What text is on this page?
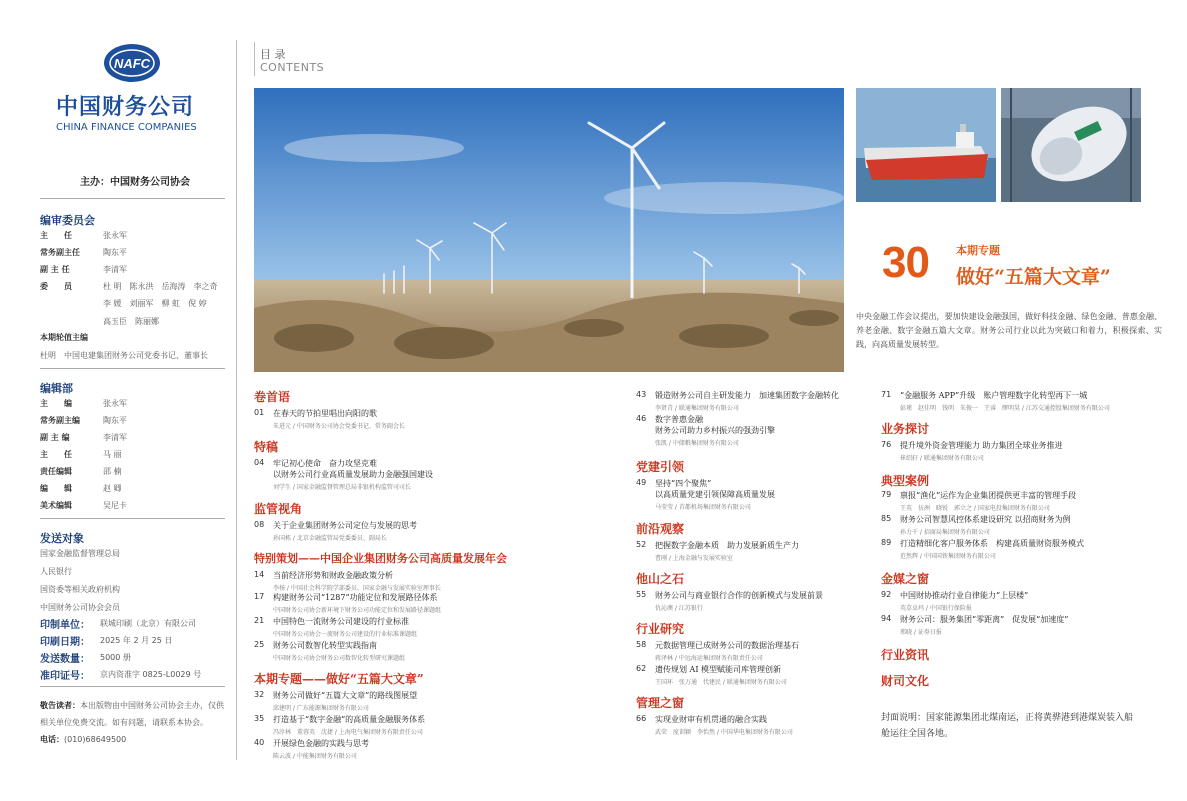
NAFC
中国财务公司
CHINA FINANCE COMPANIES
主办：中国财务公司协会
编审委员会
主　　任	张永军
常务副主任	陶东平
副 主 任	李清军
委　　员	杜 明　陈永洪　岳海涛　李之奇
李 媛　刘丽军　柳 虹　倪 婷
高玉臣　陈丽娜
本期轮值主编
杜明　中国电建集团财务公司党委书记、董事长
编辑部
主　　编	张永军
常务副主编	陶东平
副 主 编	李清军
主　　任	马 丽
责任编辑	邵 楠
编　　辑	赵 卿
美术编辑	吴尼卡
发送对象
国家金融监督管理总局
人民银行
国资委等相关政府机构
中国财务公司协会会员
印制单位： 联城印刷（北京）有限公司
印刷日期： 2025 年 2 月 25 日
发送数量： 5000 册
准印证号： 京内资准字 0825-L0029 号
敬告读者：本出版物由中国财务公司协会主办，仅供
相关单位免费交流。如有问题，请联系本协会。
电话：(010)68649500
目 录
CONTENTS
30 本期专题
做好“五篇大文章”
中央金融工作会议提出，要加快建设金融强国，做好科技金融、绿色金融、普惠金融、养老金融、数字金融五篇大文章。财务公司行业以此为突破口和着力，积极探索、实践，向高质量发展转型。
卷首语
01 在春天的节拍里唱出向阳的歌
朱进元 / 中国财务公司协会党委书记、常务副会长
特稿
04 牢记初心使命　奋力攻坚克难
以财务公司行业高质量发展助力金融强国建设
刘学生 / 国家金融监督管理总局非银机构监管司司长
监管视角
08 关于企业集团财务公司定位与发展的思考
孙国栋 / 北京金融监管局党委委员、副局长
特别策划——中国企业集团财务公司高质量发展年会
14 当前经济形势和财政金融政策分析
李扬 / 中国社会科学院学部委员、国家金融与发展实验室理事长
17 构建财务公司“1287”功能定位和发展路径体系
中国财务公司协会新环境下财务公司功能定位和发展路径课题组
21 中国特色一流财务公司建设的行业标准
中国财务公司协会一流财务公司建设的行业标准课题组
25 财务公司数智化转型实践指南
中国财务公司协会财务公司数智化转型研究课题组
本期专题——做好“五篇大文章”
32 财务公司做好“五篇大文章”的路线图展望
邱建明 / 广东能源集团财务有限公司
35 打造基于“数字金融”的高质量金融服务体系
冯淳林　董蓉英　沈捷 / 上海电气集团财务有限责任公司
40 开展绿色金融的实践与思考
陈云波 / 中能集团财务有限公司
43 锻造财务公司自主研发能力　加速集团数字金融转化
李贤青 / 联通集团财务有限公司
46 数字普惠金融
财务公司助力乡村振兴的强劲引擎
张凯 / 中储粮集团财务有限公司
党建引领
49 坚持“四个聚焦”
以高质量党建引领保障高质量发展
马莹莹 / 首都机场集团财务有限公司
前沿观察
52 把握数字金融本质　助力发展新质生产力
曹刚 / 上海金融与发展实验室
他山之石
55 财务公司与商业银行合作的创新模式与发展前景
仇沁澳 / 江苏银行
行业研究
58 元数据管理已成财务公司的数据治理基石
蒋泽林 / 中远海运集团财务有限责任公司
62 遗传规划 AI 模型赋能司库管理创新
王国环　张万通　代建民 / 联通集团财务有限公司
管理之窗
66 实现业财审有机贯通的融合实践
武荣　庞训颖　李怡然 / 中国华电集团财务有限公司
71 “金融服务 APP”升级　账户管理数字化转型再下一城
彭瑾　赵佳明　钱明　朱俊一　王睿　缪明昊 / 江苏交通控股集团财务有限公司
业务探讨
76 提升境外资金管理能力 助力集团全球业务推进
崔绍轩 / 联通集团财务有限公司
典型案例
79 禀报“渔化”运作为企业集团提供更丰富的管理手段
王英　伍洲　晓锐　郭立之 / 国家电投集团财务有限公司
85 财务公司智慧风控体系建设研究 以招商财务为例
孙力千 / 招商局集团财务有限公司
89 打造精细化客户服务体系　构建高质量财资服务模式
范然辉 / 中国国铁集团财务有限公司
金媒之窗
92 中国财协推动行业自律能力“上层楼”
英草卓玛 / 中国银行保险报
94 财务公司：服务集团“零距离”　促发展“加速度”
邢晓 / 证券日报
行业资讯
财司文化
封面说明：国家能源集团北煤南运，正将黄骅港到港煤炭装入船舱运往全国各地。
